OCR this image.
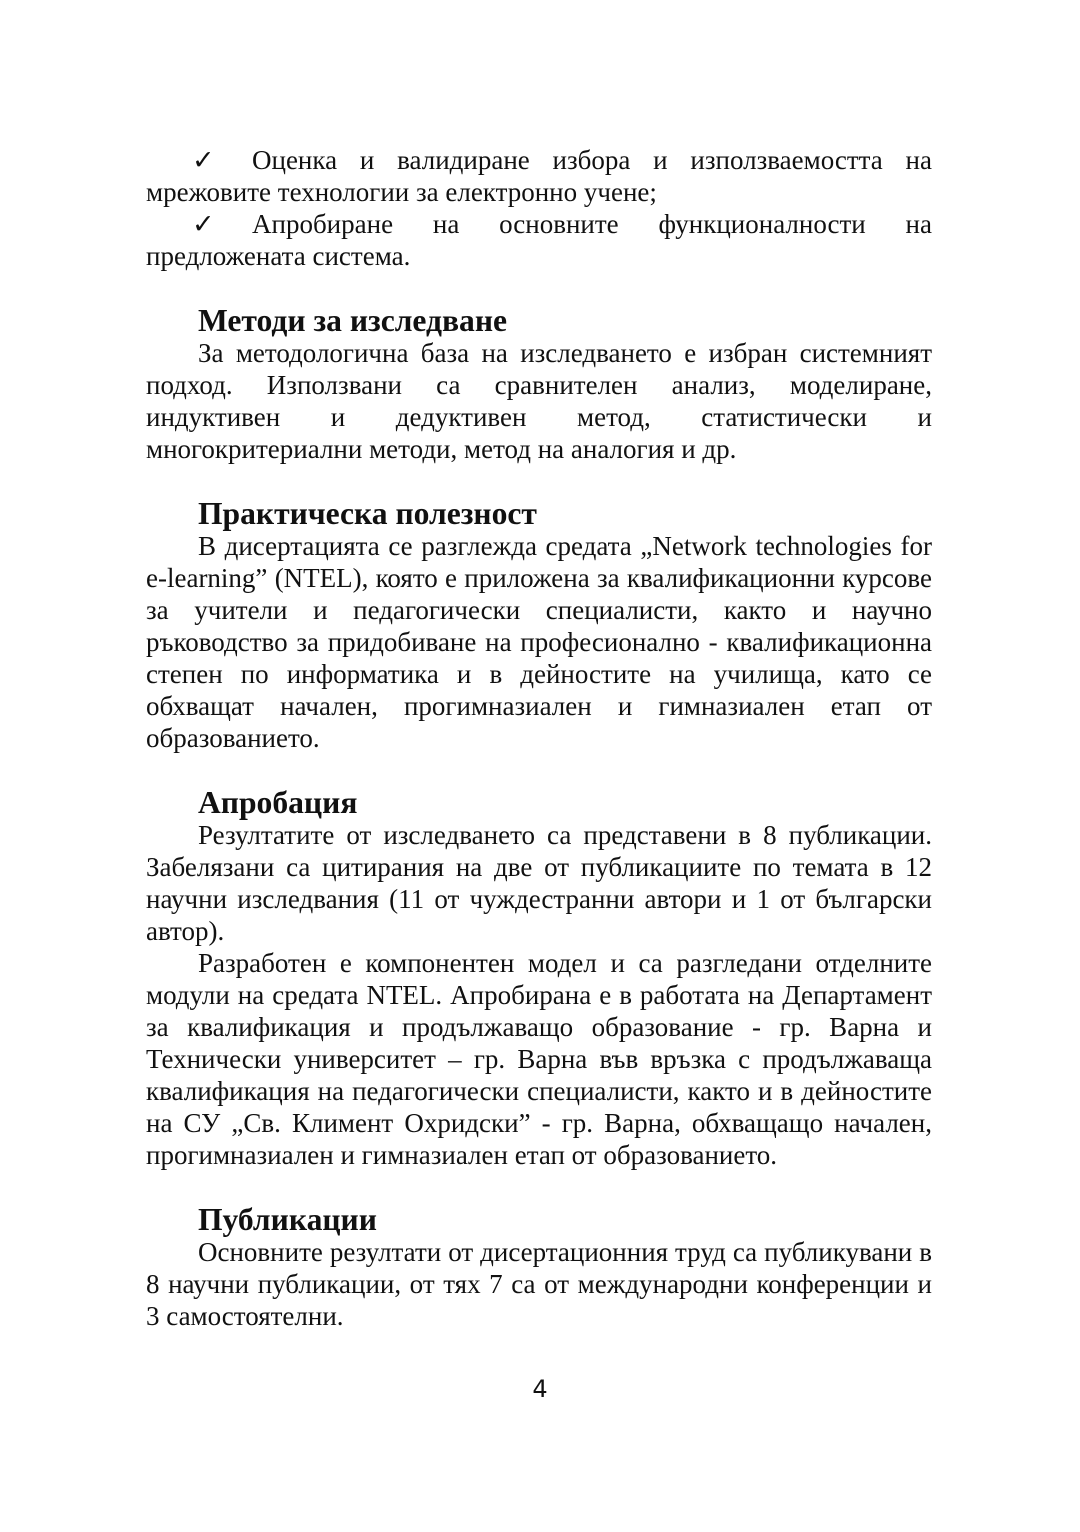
✓	Оценка и валидиране избора и използваемостта на
мрежовите технологии за електронно учене;
✓	Апробиране на основните функционалности на
предложената система.
Методи за изследване

За методологична база на изследването е избран системният подход. Използвани са сравнителен анализ, моделиране, индуктивен и дедуктивен метод, статистически и многокритериални методи, метод на аналогия и др.

Практическа полезност

В дисертацията се разглежда средата „Network technologies for e-learning” (NTEL), която е приложена за квалификационни курсове за учители и педагогически специалисти, както и научно ръководство за придобиване на професионално - квалификационна степен по информатика и в дейностите на училища, като се обхващат начален, прогимназиален и гимназиален етап от образованието.

Апробация

Резултатите от изследването са представени в 8 публикации. Забелязани са цитирания на две от публикациите по темата в 12 научни изследвания (11 от чуждестранни автори и 1 от български автор).

Разработен е компонентен модел и са разгледани отделните модули на средата NTEL. Апробирана е в работата на Департамент за квалификация и продължаващо образование - гр. Варна и Технически университет – гр. Варна във връзка с продължаваща квалификация на педагогически специалисти, както и в дейностите на СУ „Св. Климент Охридски” - гр. Варна, обхващащо начален, прогимназиален и гимназиален етап от образованието.

Публикации

Основните резултати от дисертационния труд са публикувани в 8 научни публикации, от тях 7 са от международни конференции и 3 самостоятелни.

4
